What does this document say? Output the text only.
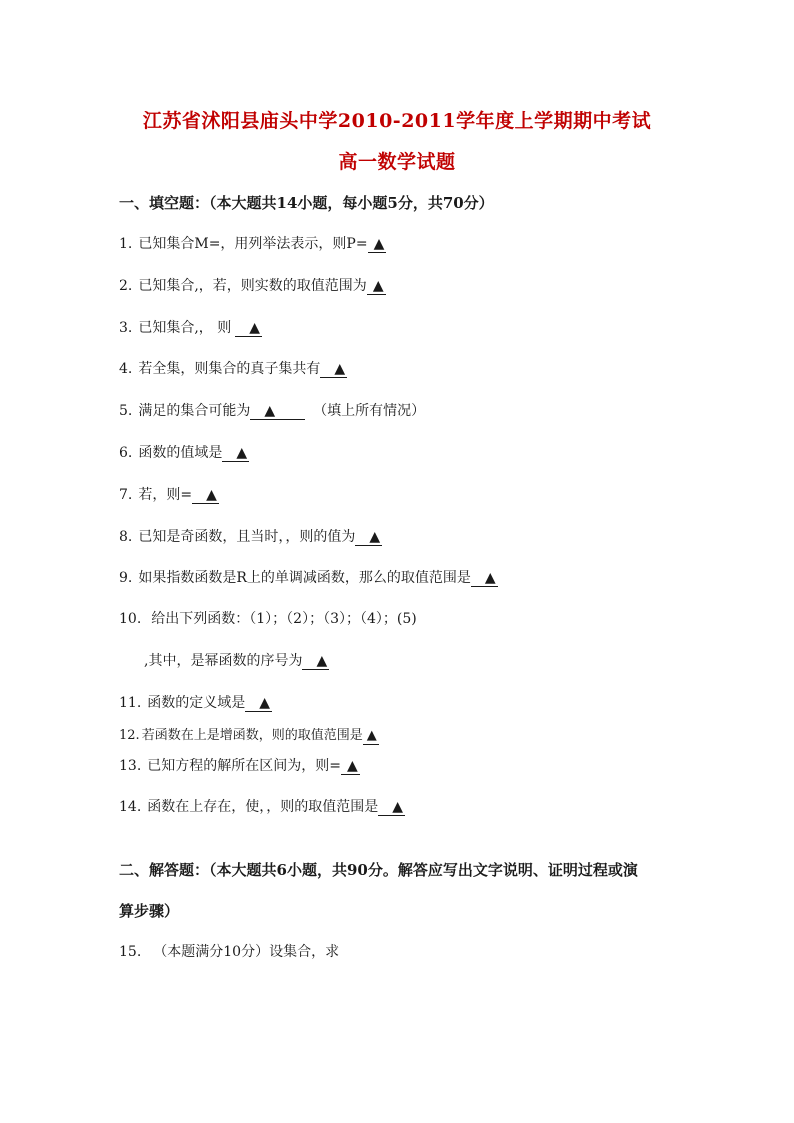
江苏省沭阳县庙头中学2010-2011学年度上学期期中考试
高一数学试题
一、填空题：（本大题共14小题，每小题5分，共70分）
1. 已知集合M=，用列举法表示，则P= ▲
2. 已知集合,，若，则实数的取值范围为 ▲
3. 已知集合,， 则 ▲
4. 若全集，则集合的真子集共有 ▲
5. 满足的集合可能为 ▲	（填上所有情况）
6. 函数的值域是 ▲
7. 若，则= ▲
8. 已知是奇函数，且当时，，则的值为 ▲
9. 如果指数函数是R上的单调减函数，那么的取值范围是 ▲
10. 给出下列函数：（1）；（2）；（3）；（4）；(5)
,其中，是幂函数的序号为 ▲
11. 函数的定义域是 ▲
12. 若函数在上是增函数，则的取值范围是 ▲
13. 已知方程的解所在区间为，则= ▲
14. 函数在上存在，使，，则的取值范围是 ▲
二、解答题：（本大题共6小题，共90分。解答应写出文字说明、证明过程或演
算步骤）
15. （本题满分10分）设集合，求
